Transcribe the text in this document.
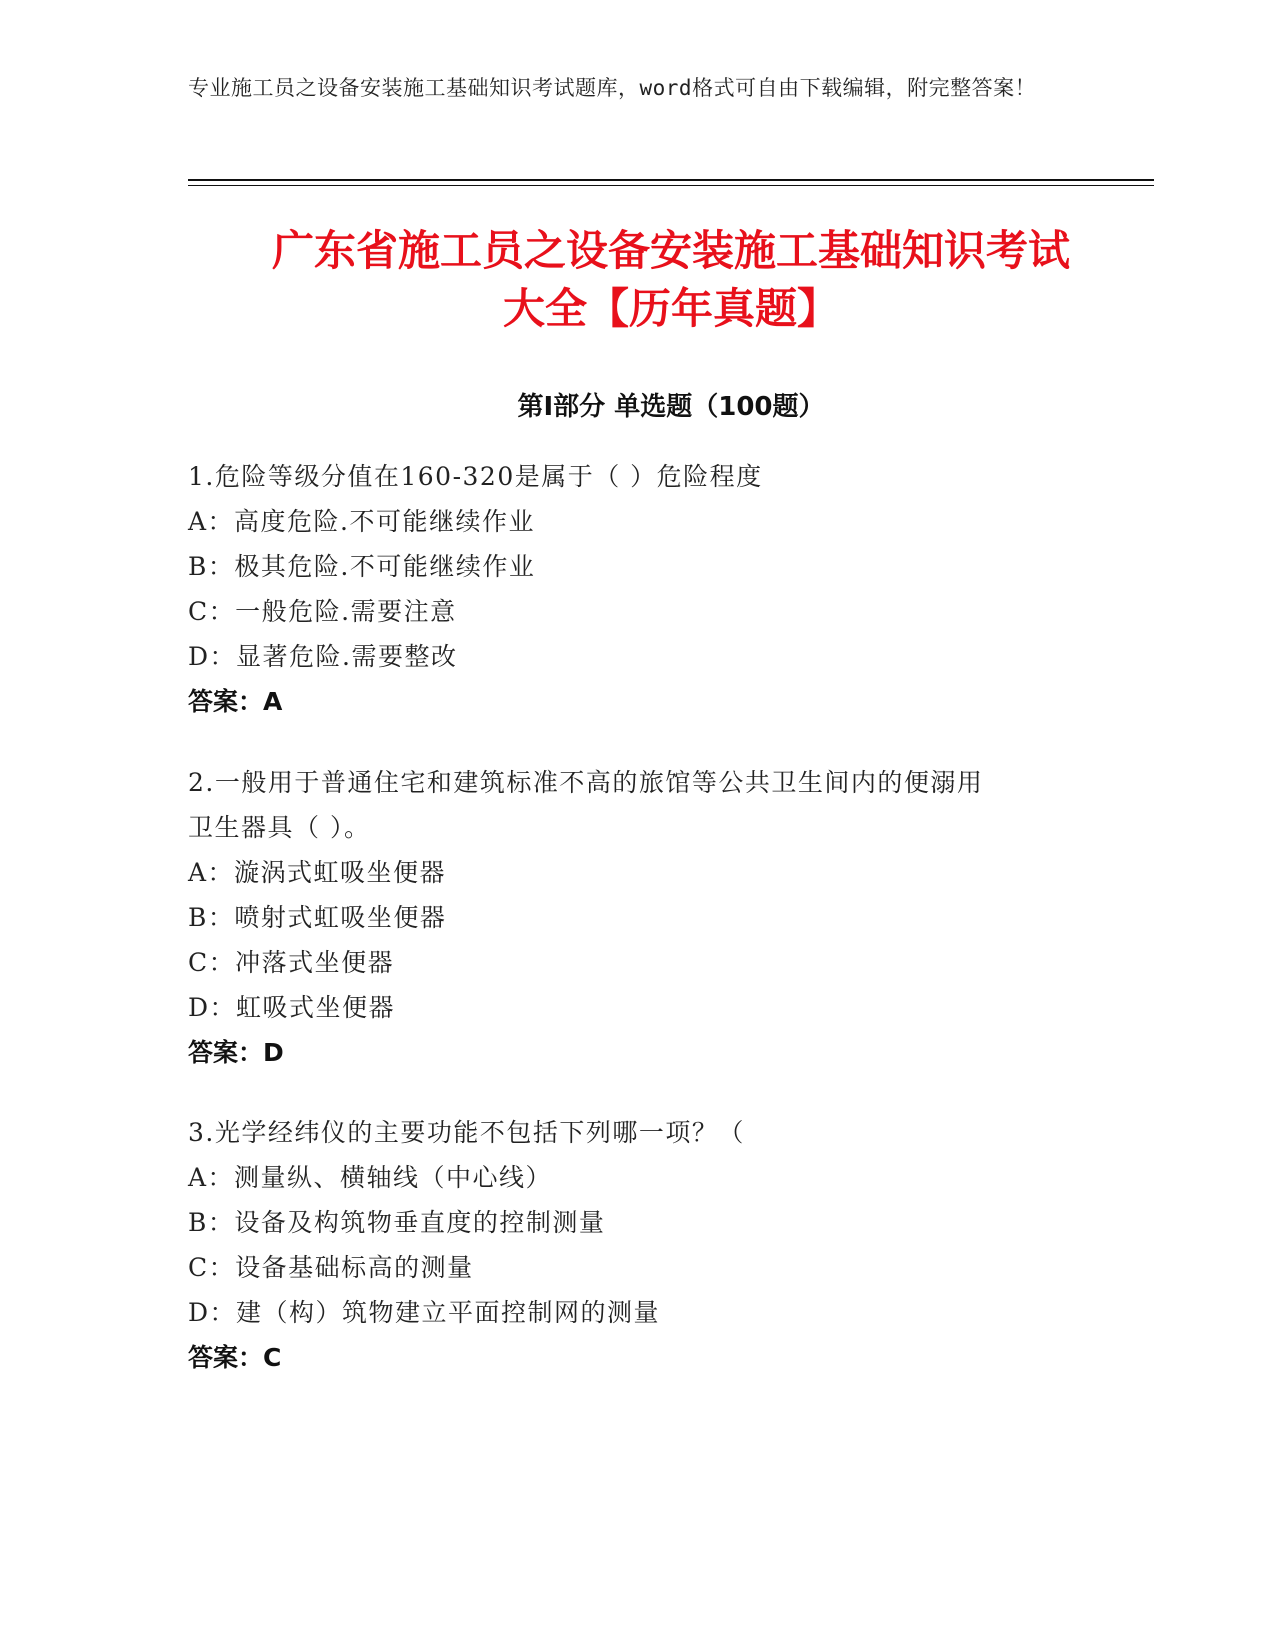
专业施工员之设备安装施工基础知识考试题库，word格式可自由下载编辑，附完整答案！
广东省施工员之设备安装施工基础知识考试
大全【历年真题】
第Ⅰ部分 单选题（100题）
1.危险等级分值在160-320是属于（ ）危险程度
A：高度危险.不可能继续作业
B：极其危险.不可能继续作业
C：一般危险.需要注意
D：显著危险.需要整改
答案：A
2.一般用于普通住宅和建筑标准不高的旅馆等公共卫生间内的便溺用
卫生器具（ ）。
A：漩涡式虹吸坐便器
B：喷射式虹吸坐便器
C：冲落式坐便器
D：虹吸式坐便器
答案：D
3.光学经纬仪的主要功能不包括下列哪一项？（
A：测量纵、横轴线（中心线）
B：设备及构筑物垂直度的控制测量
C：设备基础标高的测量
D：建（构）筑物建立平面控制网的测量
答案：C
